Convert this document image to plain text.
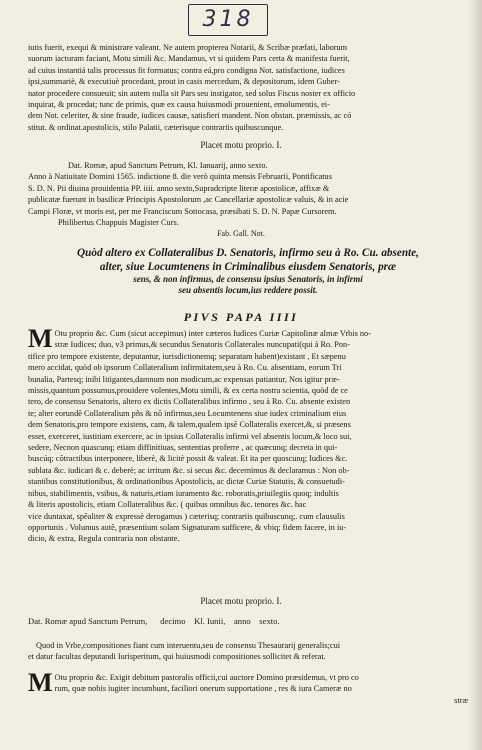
318
iutis fuerit, exequi & ministrare valeant. Ne autem propterea Notarii, & Scribæ præfati, laborum
suorum iacturam faciant, Motu simili &c. Mandamus, vt si quidem Pars certa & manifesta fuerit,
ad cuius instantiá talis processus fit formatus; contra eá,pro condigna Not. satisfactione, iudices
ipsi,summariè, & executiuè procedant, prout in casis mercedum, & depositorum, idem Guber-
nator procedere consueuit; sin autem nulla sit Pars seu instigator, sed solus Fiscus noster ex officio
inquirat, & procedat; tunc de primis, quæ ex causa huiusmodi prouenient, emolumentis, ei-
dem Not. celeriter, & sine fraude, iudices causæ, satisfieri mandent. Non obstan. præmissis, ac có
stitut. & ordinat.apostolicis, stilo Palatii, cæterisque contrariis quibuscunque.
Placet motu proprio. I.
Dat. Romæ, apud Sanctum Petrum, Kl. Ianuarij, anno sexto.
Anno à Natiuitate Domini 1565. indictione 8. die verò quinta mensis Februarii, Pontificatus
S. D. N. Pii diuina prouidentia PP. iiii. anno sexto,Supradcripte literæ apostolicæ, affixæ &
publicatæ fuerunt in basilicæ Principis Apostolorum ,ac Cancellariæ apostolicæ valuis, & in acie
Campi Floræ, vt moris est, per me Franciscum Sottocasa, præsibati S. D. N. Papæ Cursorem.
Philibertus Chappuis Magister Curs.
Fab. Gall. Not.
Quòd altero ex Collateralibus D. Senatoris, infirmo seu à Ro. Cu. absente,
alter, siue Locumtenens in Criminalibus eiusdem Senatoris, præ
sens, & non infirmus, de consensu ipsius Senatoris, in infirmi
seu absentis locum,ius reddere possit.
PIVS PAPA IIII
M Otu proprio &c. Cum (sicut accepimus) inter cæteros Iudices Curiæ Capitolinæ almæ Vrbis no-
stræ Iudices; duo, v3 primus,& secundus Senatoris Collaterales nuncupati(qui à Ro. Pon-
tifice pro tempore existente, deputantur, iurisdictionemq; separatam habent)existant , Et sæpenu
mero accidat, quòd ob ipsorum Collateralium infirmitatem,seu à Ro. Cu. absentiam, eorum Tri
bunalia, Partesq; inibi litigantes,damnum non modicum,ac expensas patiantur, Nos igitur præ-
missis,quantum possumus,prouidere volentes,Motu simili, & ex certa nostra scientia, quòd de ce
tero, de consensu Senatoris, altero ex dictis Collateralibus infirmo , seu à Ro. Cu. absente existen
te; alter eorundẽ Collateralium pñs & nõ infirmus,seu Locumtenens siue iudex criminalium eius
dem Senatoris,pro tempore existens, cam, & talem,qualem ipsẽ Collateralis exercet,&, si præsens
esset, exerceret, iustitiam exercere, ac in ipsius Collateralis infirmi vel absentis locum,& loco sui,
sedere, Necnon quascunq; etiam diffinitiuas, sententias proferre , ac quæcunq; decreta in qui-
buscúq; cõtractibus interponere, liberè, & licitè possit & valeat. Et ita per quoscunq; Iudices &c.
sublata &c. iudicari & c. deberè; ac irritum &c. si secus &c. decernimus & declaramus : Non ob-
stantibus constitutionibus, & ordinationibus Apostolicis, ac dictæ Curiæ Statutis, & consuetudi-
nibus, stabilimentis, vsibus, & naturis,etiam iuramento &c. roboratis,priuilegiis quoq; indultis
& literis apostolicis, etiam Collateralibus &c. ( quibus omnibus &c. tenores &c. hac
vice duntaxat, spẽaliter & expressè derogamus ) cæterisq; contrariis quibuscunq;. cum clausulis
opportunis . Volumus autẽ, præsentium solam Signaturam sufficere, & vbiq; fidem facere, in iu-
dicio, & extra, Regula contraria non obstante.
Placet motu proprio. I.
Dat. Romæ apud Sanctum Petrum,      decimo    Kl. Iunii,    anno    sexto.
Quod in Vrbe,compositiones fiant cum interuentu,seu de consensu Thesaurarij generalis;cui
et datur facultas deputandi Iurisperitum, qui huiusmodi compositiones sollicitet & referat.
M Otu proprio &c. Exigit debitum pastoralis officii,cui auctore Domino præsidemus, vt pro co
rum, quæ nobis iugiter incumbunt, faciliori onerum supportatione , res & iura Cameræ no
stræ
